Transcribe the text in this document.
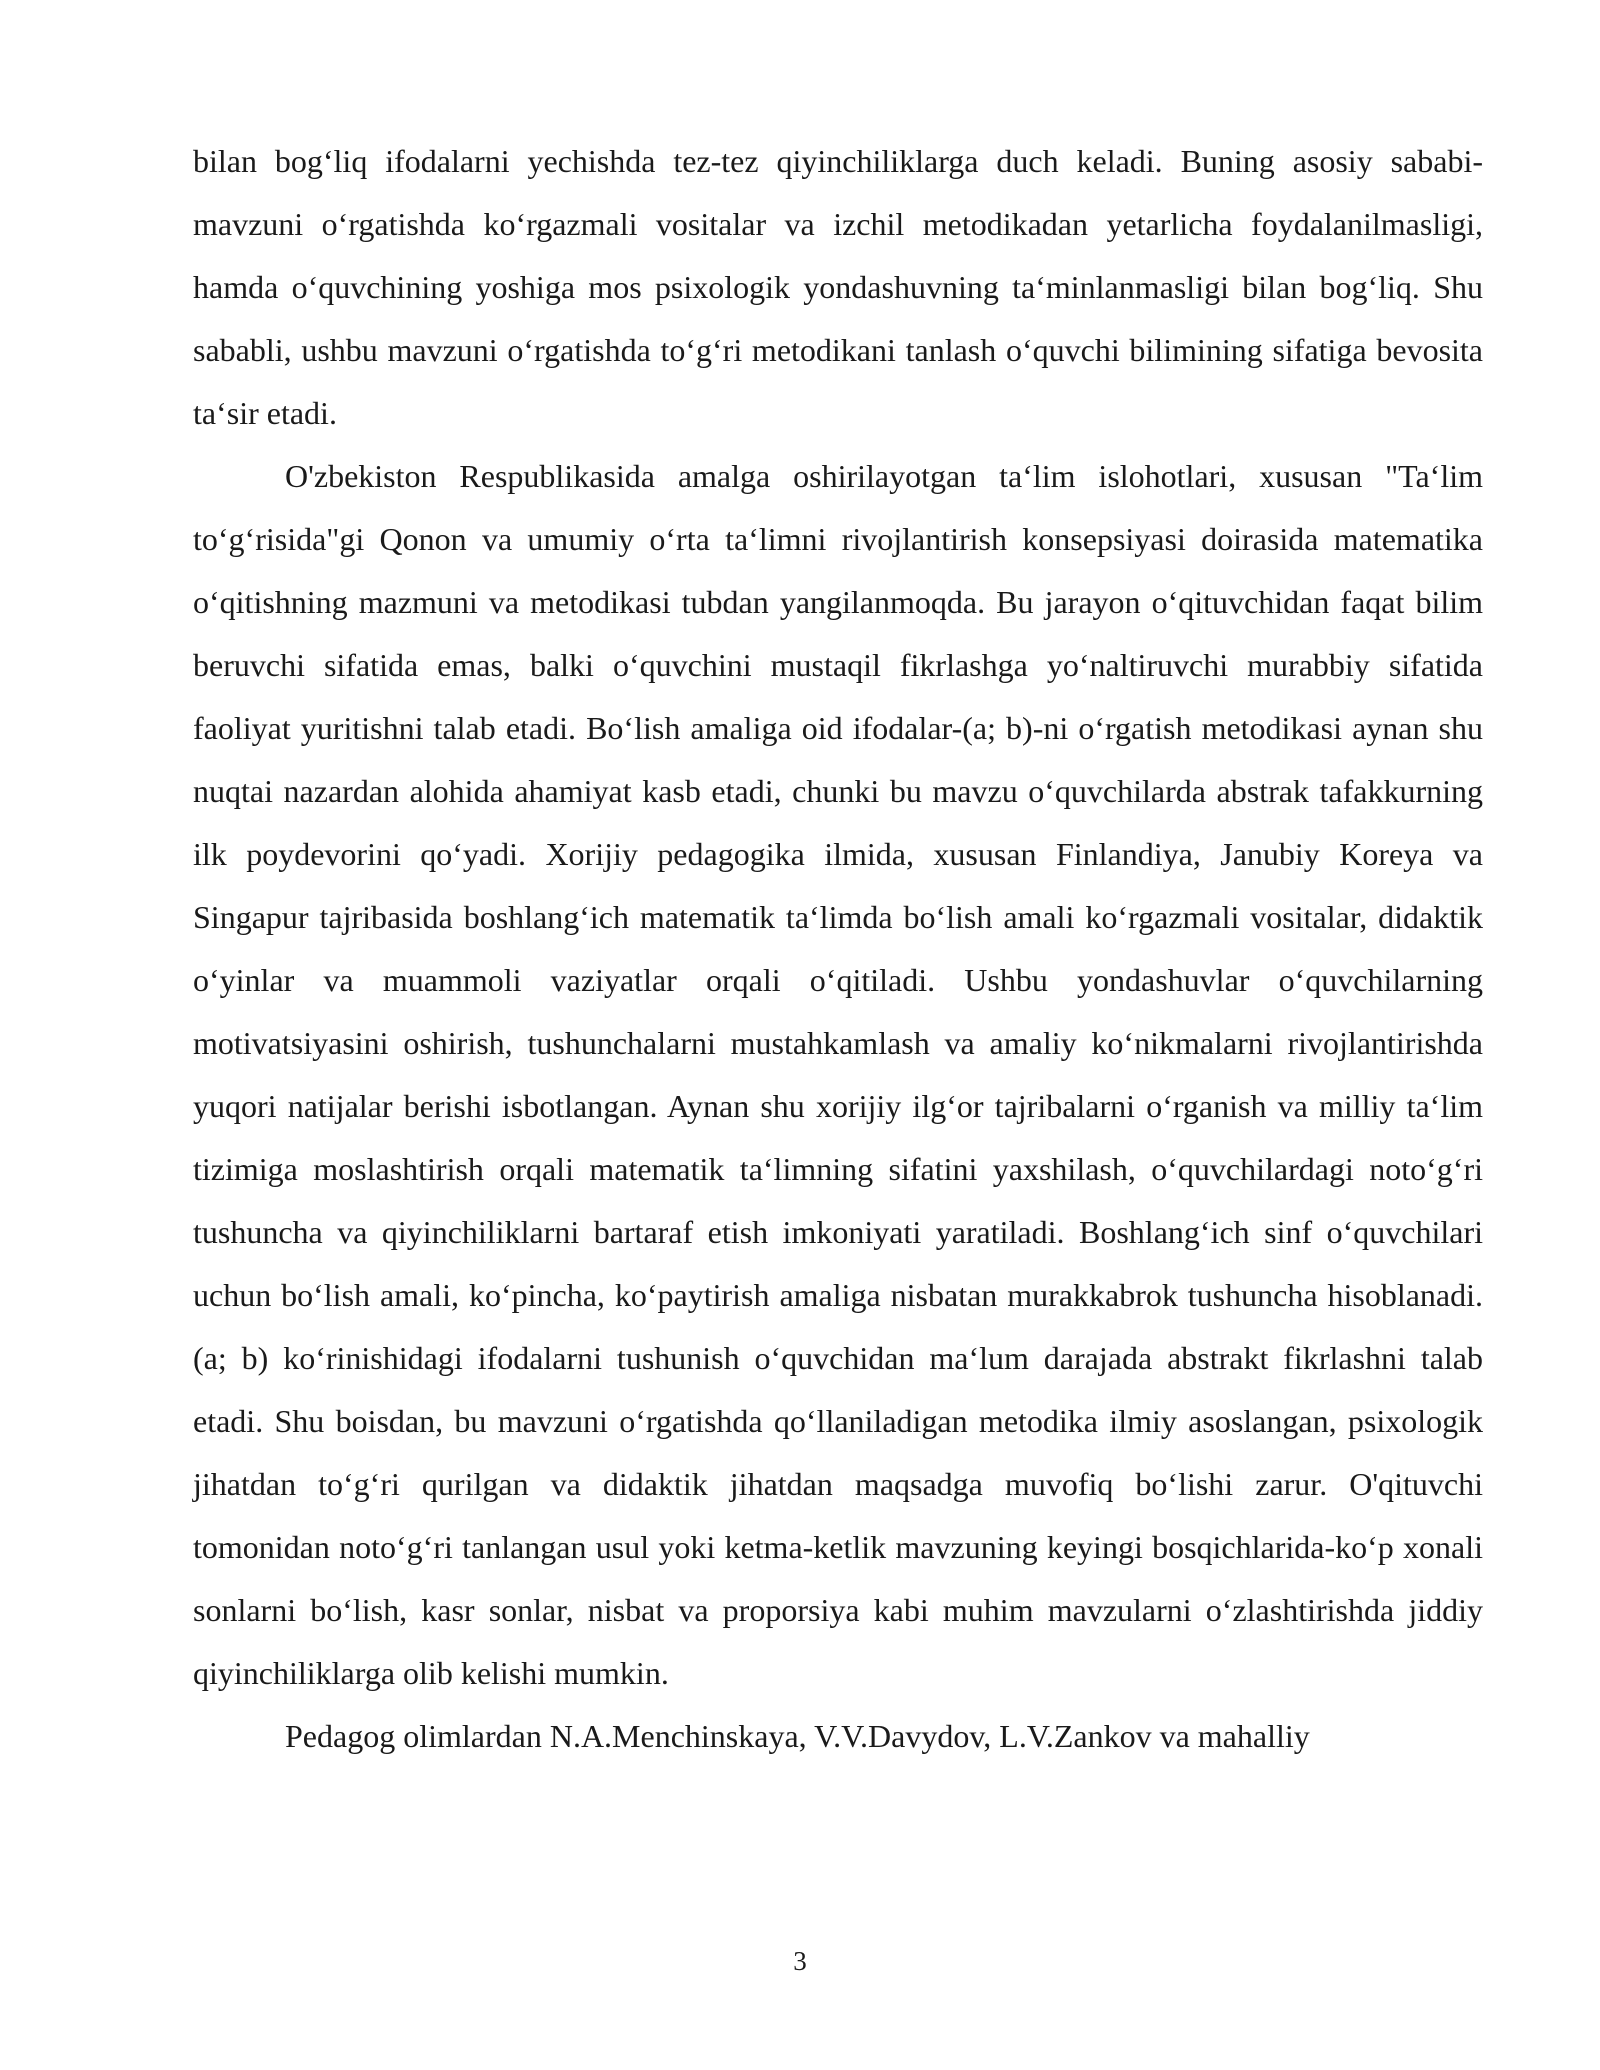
bilan bog‘liq ifodalarni yechishda tez-tez qiyinchiliklarga duch keladi. Buning asosiy sababi-mavzuni o‘rgatishda ko‘rgazmali vositalar va izchil metodikadan yetarlicha foydalanilmasligi, hamda o‘quvchining yoshiga mos psixologik yondashuvning ta‘minlanmasligi bilan bog‘liq. Shu sababli, ushbu mavzuni o‘rgatishda to‘g‘ri metodikani tanlash o‘quvchi bilimining sifatiga bevosita ta‘sir etadi.

O'zbekiston Respublikasida amalga oshirilayotgan ta‘lim islohotlari, xususan "Ta‘lim to‘g‘risida"gi Qonon va umumiy o‘rta ta‘limni rivojlantirish konsepsiyasi doirasida matematika o‘qitishning mazmuni va metodikasi tubdan yangilanmoqda. Bu jarayon o‘qituvchidan faqat bilim beruvchi sifatida emas, balki o‘quvchini mustaqil fikrlashga yo‘naltiruvchi murabbiy sifatida faoliyat yuritishni talab etadi. Bo‘lish amaliga oid ifodalar-(a; b)-ni o‘rgatish metodikasi aynan shu nuqtai nazardan alohida ahamiyat kasb etadi, chunki bu mavzu o‘quvchilarda abstrak tafakkurning ilk poydevorini qo‘yadi. Xorijiy pedagogika ilmida, xususan Finlandiya, Janubiy Koreya va Singapur tajribasida boshlang‘ich matematik ta‘limda bo‘lish amali ko‘rgazmali vositalar, didaktik o‘yinlar va muammoli vaziyatlar orqali o‘qitiladi. Ushbu yondashuvlar o‘quvchilarning motivatsiyasini oshirish, tushunchalarni mustahkamlash va amaliy ko‘nikmalarni rivojlantirishda yuqori natijalar berishi isbotlangan. Aynan shu xorijiy ilg‘or tajribalarni o‘rganish va milliy ta‘lim tizimiga moslashtirish orqali matematik ta‘limning sifatini yaxshilash, o‘quvchilardagi noto‘g‘ri tushuncha va qiyinchiliklarni bartaraf etish imkoniyati yaratiladi. Boshlang‘ich sinf o‘quvchilari uchun bo‘lish amali, ko‘pincha, ko‘paytirish amaliga nisbatan murakkabrok tushuncha hisoblanadi. (a; b) ko‘rinishidagi ifodalarni tushunish o‘quvchidan ma‘lum darajada abstrakt fikrlashni talab etadi. Shu boisdan, bu mavzuni o‘rgatishda qo‘llaniladigan metodika ilmiy asoslangan, psixologik jihatdan to‘g‘ri qurilgan va didaktik jihatdan maqsadga muvofiq bo‘lishi zarur. O'qituvchi tomonidan noto‘g‘ri tanlangan usul yoki ketma-ketlik mavzuning keyingi bosqichlarida-ko‘p xonali sonlarni bo‘lish, kasr sonlar, nisbat va proporsiya kabi muhim mavzularni o‘zlashtirishda jiddiy qiyinchiliklarga olib kelishi mumkin.

Pedagog olimlardan N.A.Menchinskaya, V.V.Davydov, L.V.Zankov va mahalliy

3
